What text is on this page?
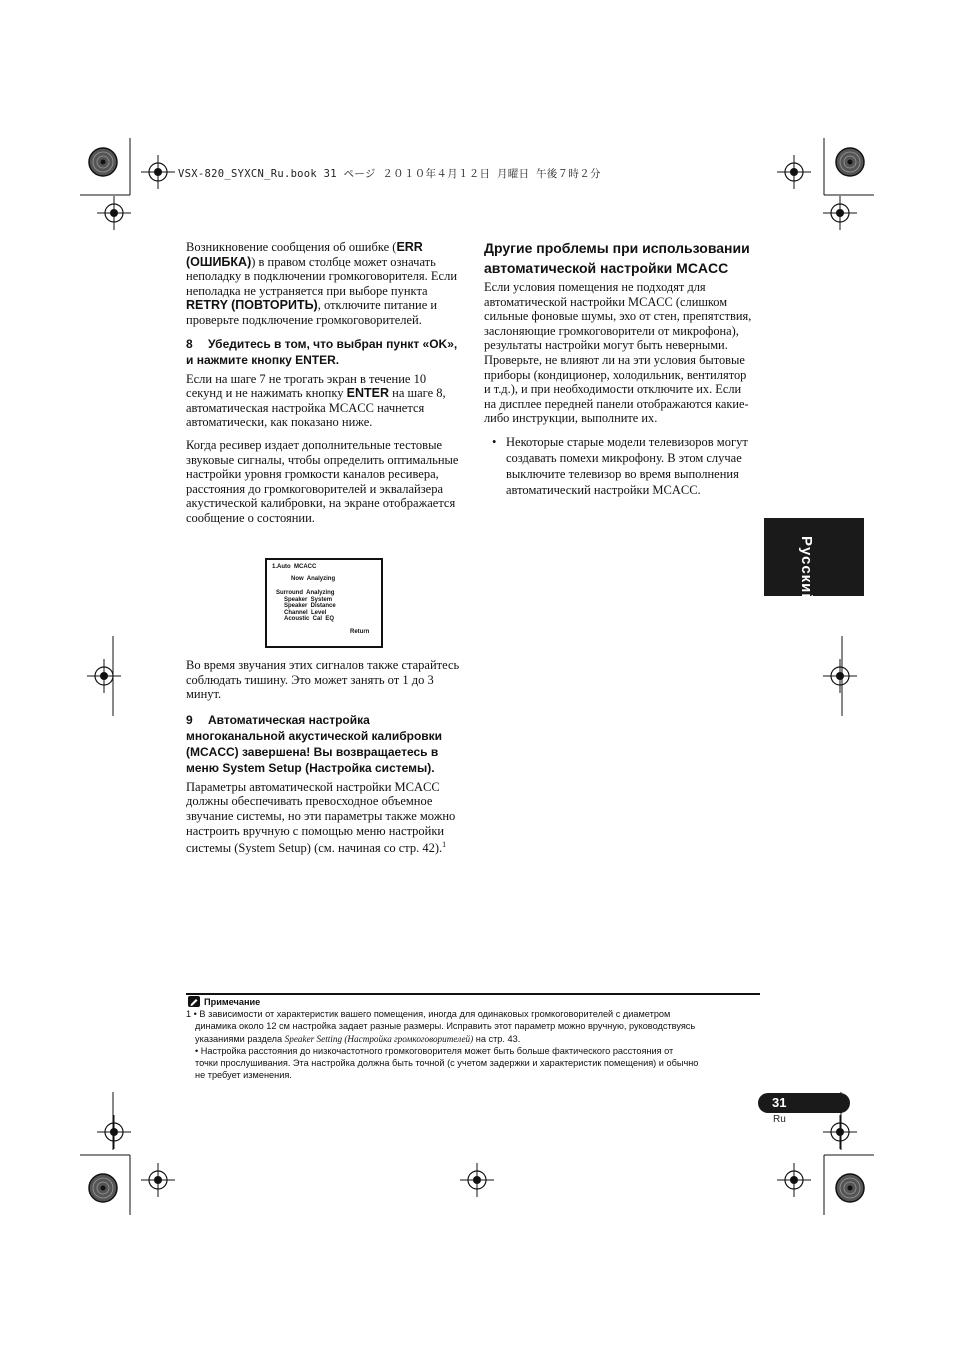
VSX-820_SYXCN_Ru.book 31 ページ ２０１０年４月１２日 月曜日 午後７時２分

Возникновение сообщения об ошибке (ERR (ОШИБКА)) в правом столбце может означать неполадку в подключении громкоговорителя. Если неполадка не устраняется при выборе пункта RETRY (ПОВТОРИТЬ), отключите питание и проверьте подключение громкоговорителей.

8 Убедитесь в том, что выбран пункт «OK», и нажмите кнопку ENTER.

Если на шаге 7 не трогать экран в течение 10 секунд и не нажимать кнопку ENTER на шаге 8, автоматическая настройка MCACC начнется автоматически, как показано ниже.

Когда ресивер издает дополнительные тестовые звуковые сигналы, чтобы определить оптимальные настройки уровня громкости каналов ресивера, расстояния до громкоговорителей и эквалайзера акустической калибровки, на экране отображается сообщение о состоянии.

1.Auto  MCACC
Now  Analyzing
Surround  Analyzing
Speaker  System
Speaker  Distance
Channel  Level
Acoustic  Cal  EQ
Return

Во время звучания этих сигналов также старайтесь соблюдать тишину. Это может занять от 1 до 3 минут.

9 Автоматическая настройка многоканальной акустической калибровки (MCACC) завершена! Вы возвращаетесь в меню System Setup (Настройка системы).

Параметры автоматической настройки MCACC должны обеспечивать превосходное объемное звучание системы, но эти параметры также можно настроить вручную с помощью меню настройки системы (System Setup) (см. начиная со стр. 42).$^1$

Другие проблемы при использовании автоматической настройки MCACC

Если условия помещения не подходят для автоматической настройки MCACC (слишком сильные фоновые шумы, эхо от стен, препятствия, заслоняющие громкоговорители от микрофона), результаты настройки могут быть неверными. Проверьте, не влияют ли на эти условия бытовые приборы (кондиционер, холодильник, вентилятор и т.д.), и при необходимости отключите их. Если на дисплее передней панели отображаются какие-либо инструкции, выполните их.

• Некоторые старые модели телевизоров могут создавать помехи микрофону. В этом случае выключите телевизор во время выполнения автоматический настройки MCACC.
Русский
Примечание
1 • В зависимости от характеристик вашего помещения, иногда для одинаковых громкоговорителей с диаметром
динамика около 12 см настройка задает разные размеры. Исправить этот параметр можно вручную, руководствуясь
указаниями раздела Speaker Setting (Настройка громкоговорителей) на стр. 43.
• Настройка расстояния до низкочастотного громкоговорителя может быть больше фактического расстояния от
точки прослушивания. Эта настройка должна быть точной (с учетом задержки и характеристик помещения) и обычно
не требует изменения.
31
Ru
